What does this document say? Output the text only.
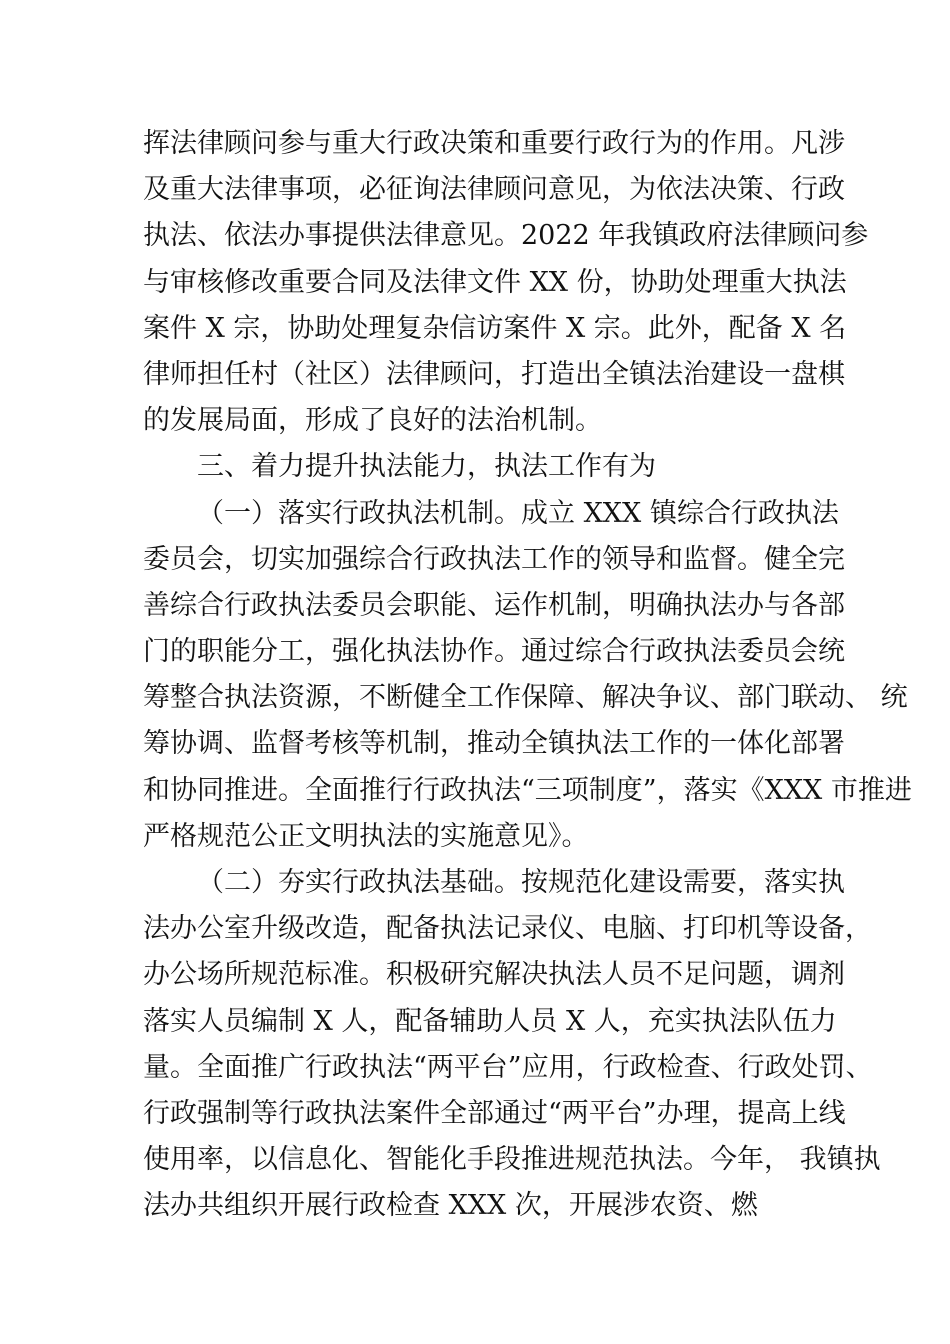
挥法律顾问参与重大行政决策和重要行政行为的作用。凡涉
及重大法律事项，必征询法律顾问意见，为依法决策、行政
执法、依法办事提供法律意见。2022 年我镇政府法律顾问参
与审核修改重要合同及法律文件 XX 份，协助处理重大执法
案件 X 宗，协助处理复杂信访案件 X 宗。此外，配备 X 名
律师担任村（社区）法律顾问，打造出全镇法治建设一盘棋
的发展局面，形成了良好的法治机制。
三、着力提升执法能力，执法工作有为
（一）落实行政执法机制。成立 XXX 镇综合行政执法
委员会，切实加强综合行政执法工作的领导和监督。健全完
善综合行政执法委员会职能、运作机制，明确执法办与各部
门的职能分工，强化执法协作。通过综合行政执法委员会统
筹整合执法资源，不断健全工作保障、解决争议、部门联动、 统
筹协调、监督考核等机制，推动全镇执法工作的一体化部署
和协同推进。全面推行行政执法“三项制度”，落实《XXX 市推进
严格规范公正文明执法的实施意见》。
（二）夯实行政执法基础。按规范化建设需要，落实执
法办公室升级改造，配备执法记录仪、电脑、打印机等设备，
办公场所规范标准。积极研究解决执法人员不足问题，调剂
落实人员编制 X 人，配备辅助人员 X 人，充实执法队伍力
量。全面推广行政执法“两平台”应用，行政检查、行政处罚、
行政强制等行政执法案件全部通过“两平台”办理，提高上线
使用率，以信息化、智能化手段推进规范执法。今年， 我镇执
法办共组织开展行政检查 XXX 次，开展涉农资、燃
